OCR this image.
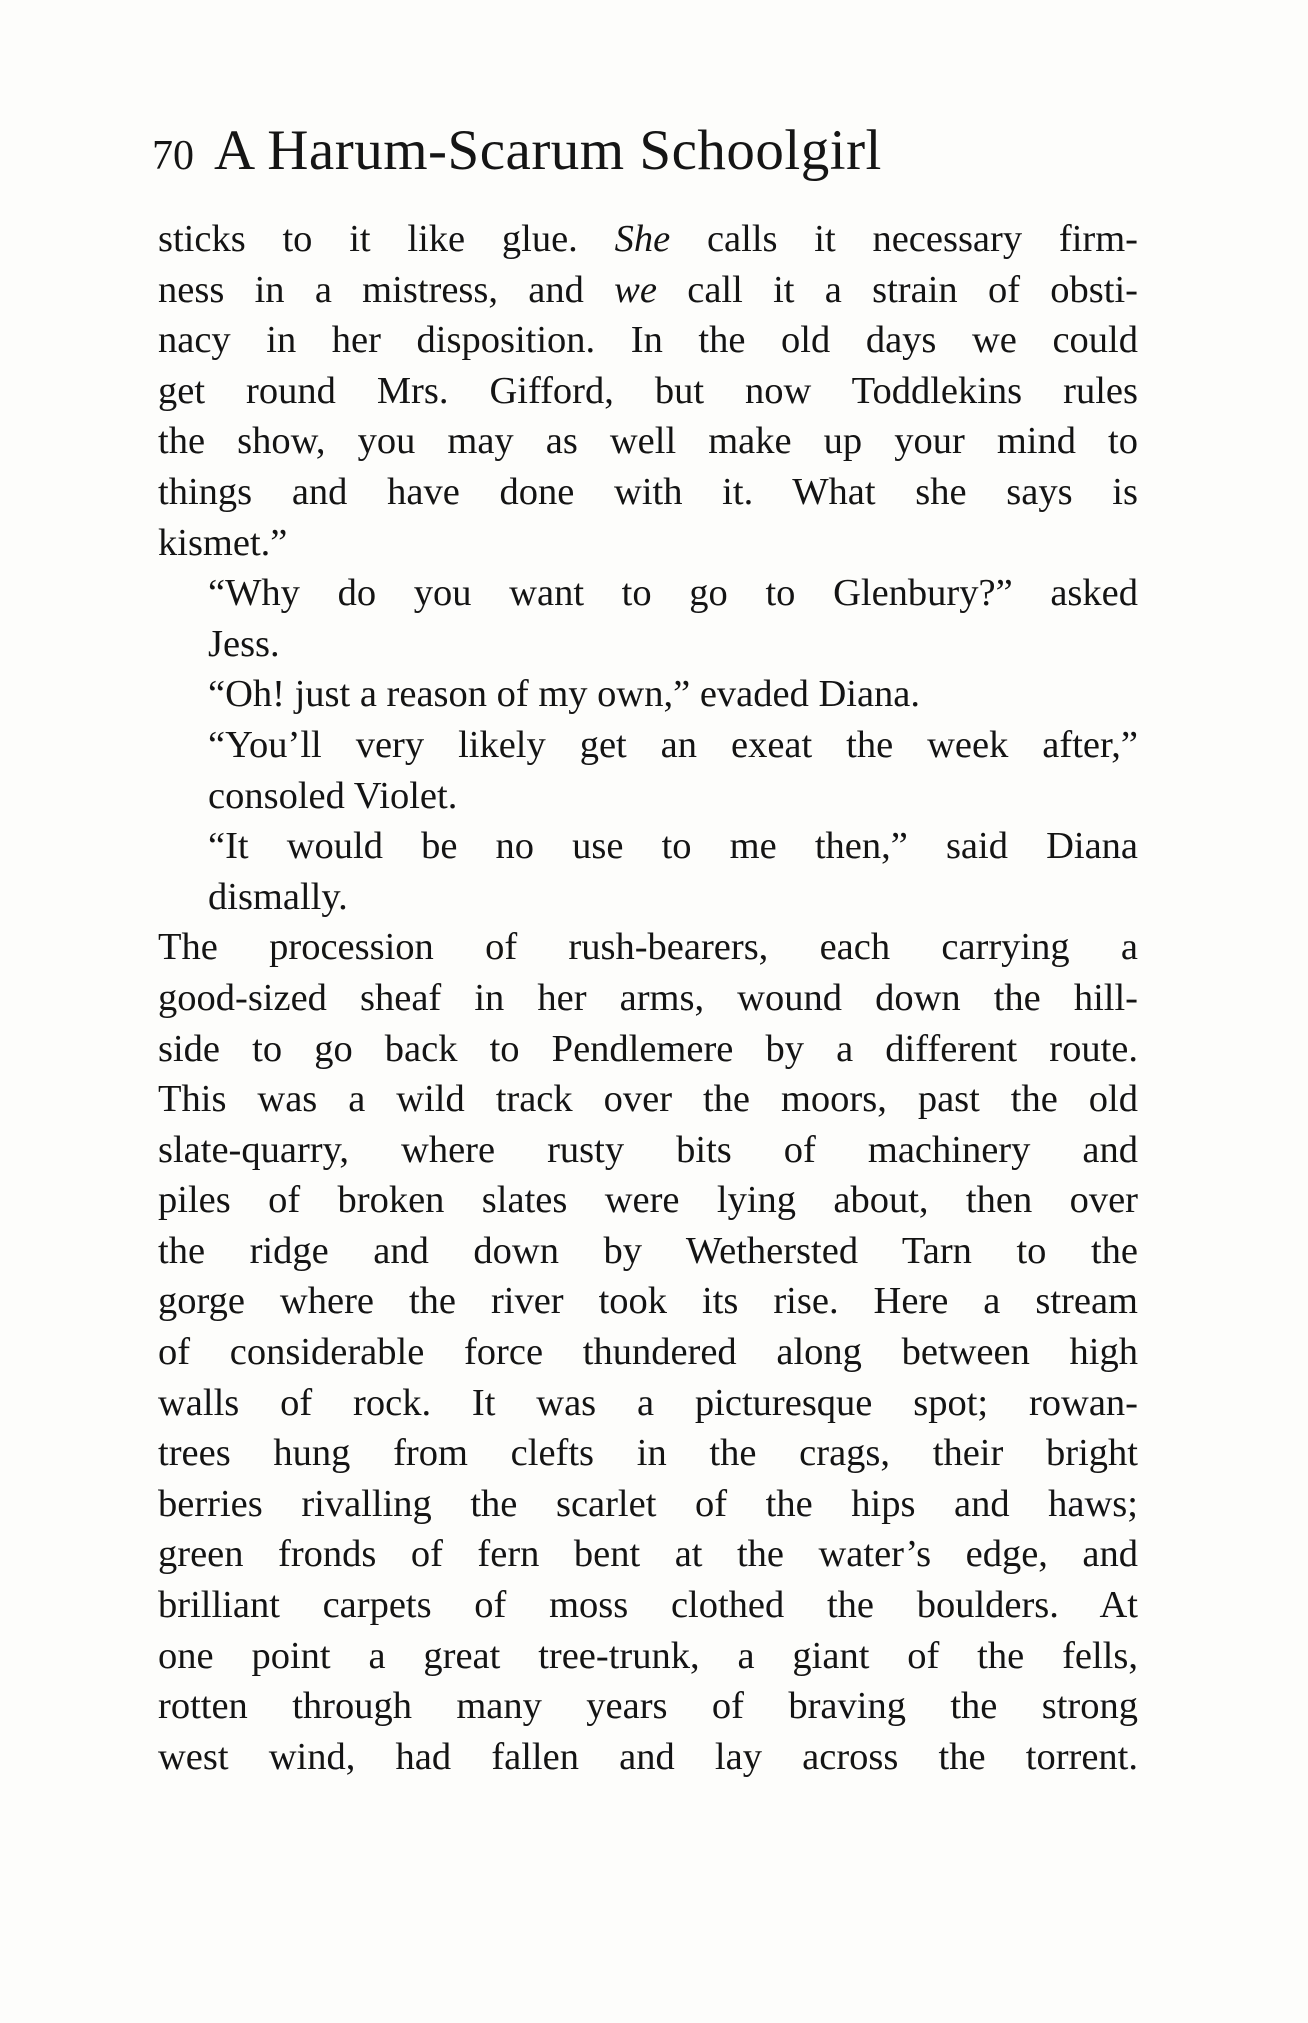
70 A Harum-Scarum Schoolgirl

sticks to it like glue. She calls it necessary firm-
ness in a mistress, and we call it a strain of obsti-
nacy in her disposition. In the old days we could
get round Mrs. Gifford, but now Toddlekins rules
the show, you may as well make up your mind to
things and have done with it. What she says is
kismet.”

“Why do you want to go to Glenbury?” asked
Jess.

“Oh! just a reason of my own,” evaded Diana.

“You’ll very likely get an exeat the week after,”
consoled Violet.

“It would be no use to me then,” said Diana
dismally.

The procession of rush-bearers, each carrying a
good-sized sheaf in her arms, wound down the hill-
side to go back to Pendlemere by a different route.
This was a wild track over the moors, past the old
slate-quarry, where rusty bits of machinery and
piles of broken slates were lying about, then over
the ridge and down by Wethersted Tarn to the
gorge where the river took its rise. Here a stream
of considerable force thundered along between high
walls of rock. It was a picturesque spot; rowan-
trees hung from clefts in the crags, their bright
berries rivalling the scarlet of the hips and haws;
green fronds of fern bent at the water’s edge, and
brilliant carpets of moss clothed the boulders. At
one point a great tree-trunk, a giant of the fells,
rotten through many years of braving the strong
west wind, had fallen and lay across the torrent.
